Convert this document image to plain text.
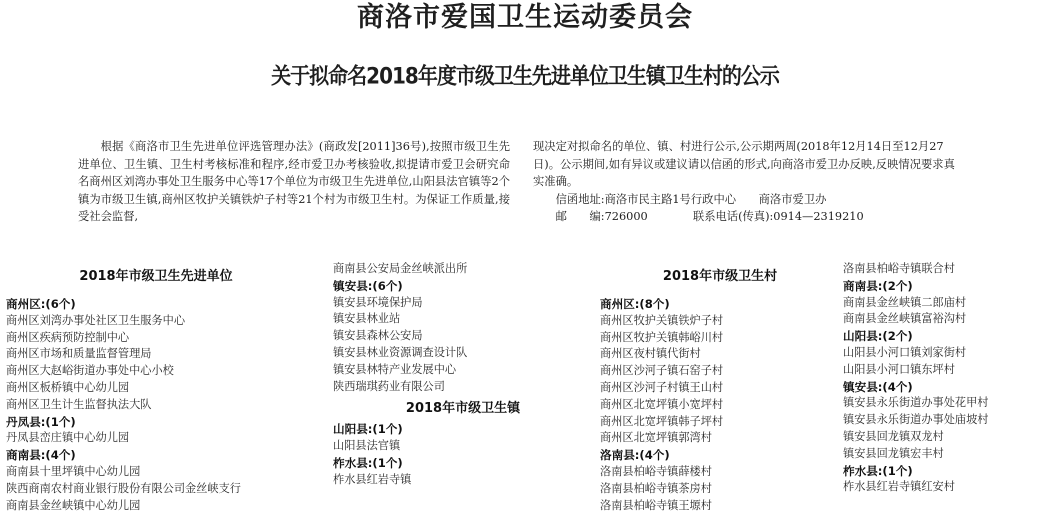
商洛市爱国卫生运动委员会
关于拟命名2018年度市级卫生先进单位卫生镇卫生村的公示

根据《商洛市卫生先进单位评选管理办法》(商政发[2011]36号),按照市级卫生先进单位、卫生镇、卫生村考核标准和程序,经市爱卫办考核验收,拟提请市爱卫会研究命名商州区刘湾办事处卫生服务中心等17个单位为市级卫生先进单位,山阳县法官镇等2个镇为市级卫生镇,商州区牧护关镇铁炉子村等21个村为市级卫生村。为保证工作质量,接受社会监督,

现决定对拟命名的单位、镇、村进行公示,公示期两周(2018年12月14日至12月27日)。公示期间,如有异议或建议请以信函的形式,向商洛市爱卫办反映,反映情况要求真实准确。

信函地址:商洛市民主路1号行政中心　　商洛市爱卫办

邮　　编:726000　　　　联系电话(传真):0914—2319210

2018年市级卫生先进单位
商州区:(6个)
商州区刘湾办事处社区卫生服务中心
商州区疾病预防控制中心
商州区市场和质量监督管理局
商州区大赵峪街道办事处中心小校
商州区板桥镇中心幼儿园
商州区卫生计生监督执法大队
丹凤县:(1个)
丹凤县峦庄镇中心幼儿园
商南县:(4个)
商南县十里坪镇中心幼儿园
陕西商南农村商业银行股份有限公司金丝峡支行
商南县金丝峡镇中心幼儿园
商南县公安局金丝峡派出所
镇安县:(6个)
镇安县环境保护局
镇安县林业站
镇安县森林公安局
镇安县林业资源调查设计队
镇安县林特产业发展中心
陕西瑞琪药业有限公司
2018年市级卫生镇
山阳县:(1个)
山阳县法官镇
柞水县:(1个)
柞水县红岩寺镇
2018年市级卫生村
商州区:(8个)
商州区牧护关镇铁炉子村
商州区牧护关镇韩峪川村
商州区夜村镇代街村
商州区沙河子镇石窑子村
商州区沙河子村镇王山村
商州区北宽坪镇小宽坪村
商州区北宽坪镇韩子坪村
商州区北宽坪镇郭湾村
洛南县:(4个)
洛南县柏峪寺镇薛楼村
洛南县柏峪寺镇茶房村
洛南县柏峪寺镇王塬村
洛南县柏峪寺镇联合村
商南县:(2个)
商南县金丝峡镇二郎庙村
商南县金丝峡镇富裕沟村
山阳县:(2个)
山阳县小河口镇刘家街村
山阳县小河口镇东坪村
镇安县:(4个)
镇安县永乐街道办事处花甲村
镇安县永乐街道办事处庙坡村
镇安县回龙镇双龙村
镇安县回龙镇宏丰村
柞水县:(1个)
柞水县红岩寺镇红安村
